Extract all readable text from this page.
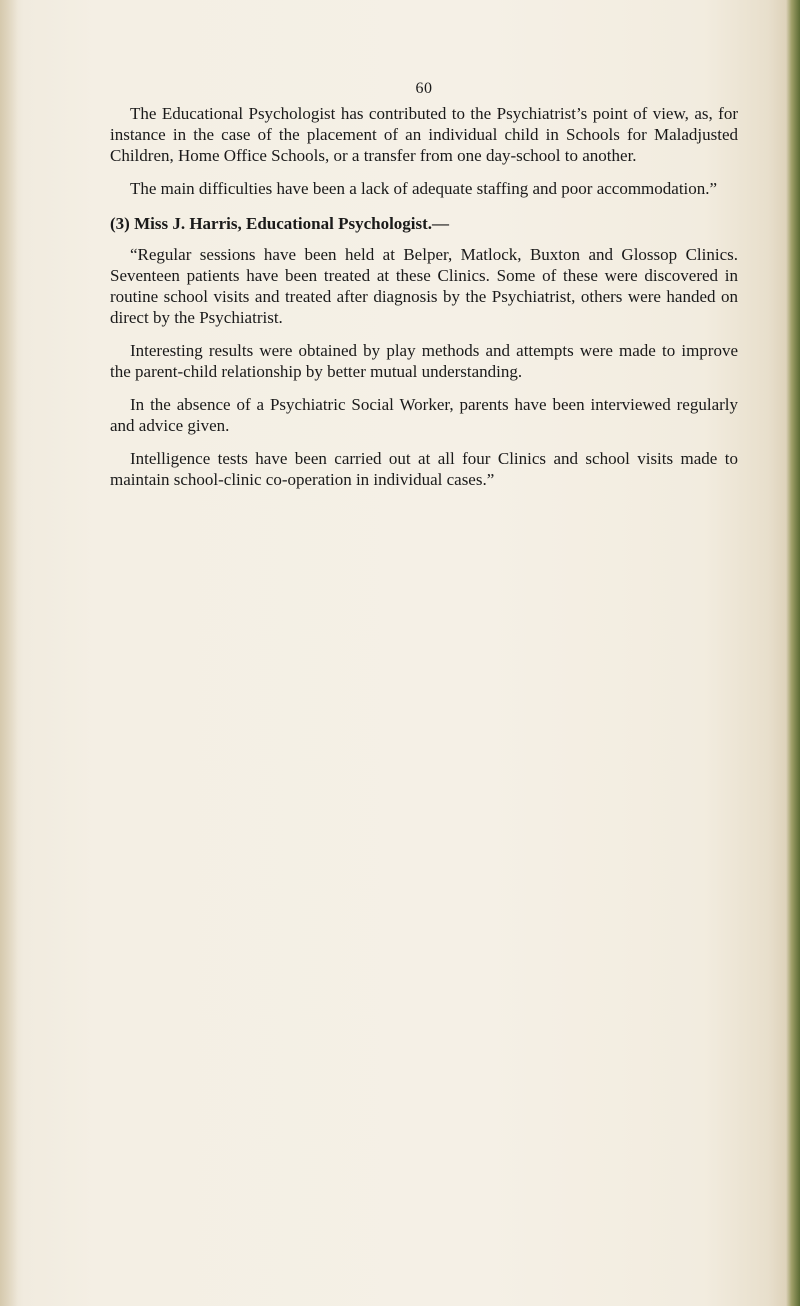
60

The Educational Psychologist has contributed to the Psychiatrist’s point of view, as, for instance in the case of the placement of an individual child in Schools for Maladjusted Children, Home Office Schools, or a transfer from one day-school to another.

The main difficulties have been a lack of adequate staffing and poor accommodation.”

(3) Miss J. Harris, Educational Psychologist.—

“Regular sessions have been held at Belper, Matlock, Buxton and Glossop Clinics. Seventeen patients have been treated at these Clinics. Some of these were discovered in routine school visits and treated after diagnosis by the Psychiatrist, others were handed on direct by the Psychiatrist.

Interesting results were obtained by play methods and attempts were made to improve the parent-child relationship by better mutual understanding.

In the absence of a Psychiatric Social Worker, parents have been interviewed regularly and advice given.

Intelligence tests have been carried out at all four Clinics and school visits made to maintain school-clinic co-operation in individual cases.”
